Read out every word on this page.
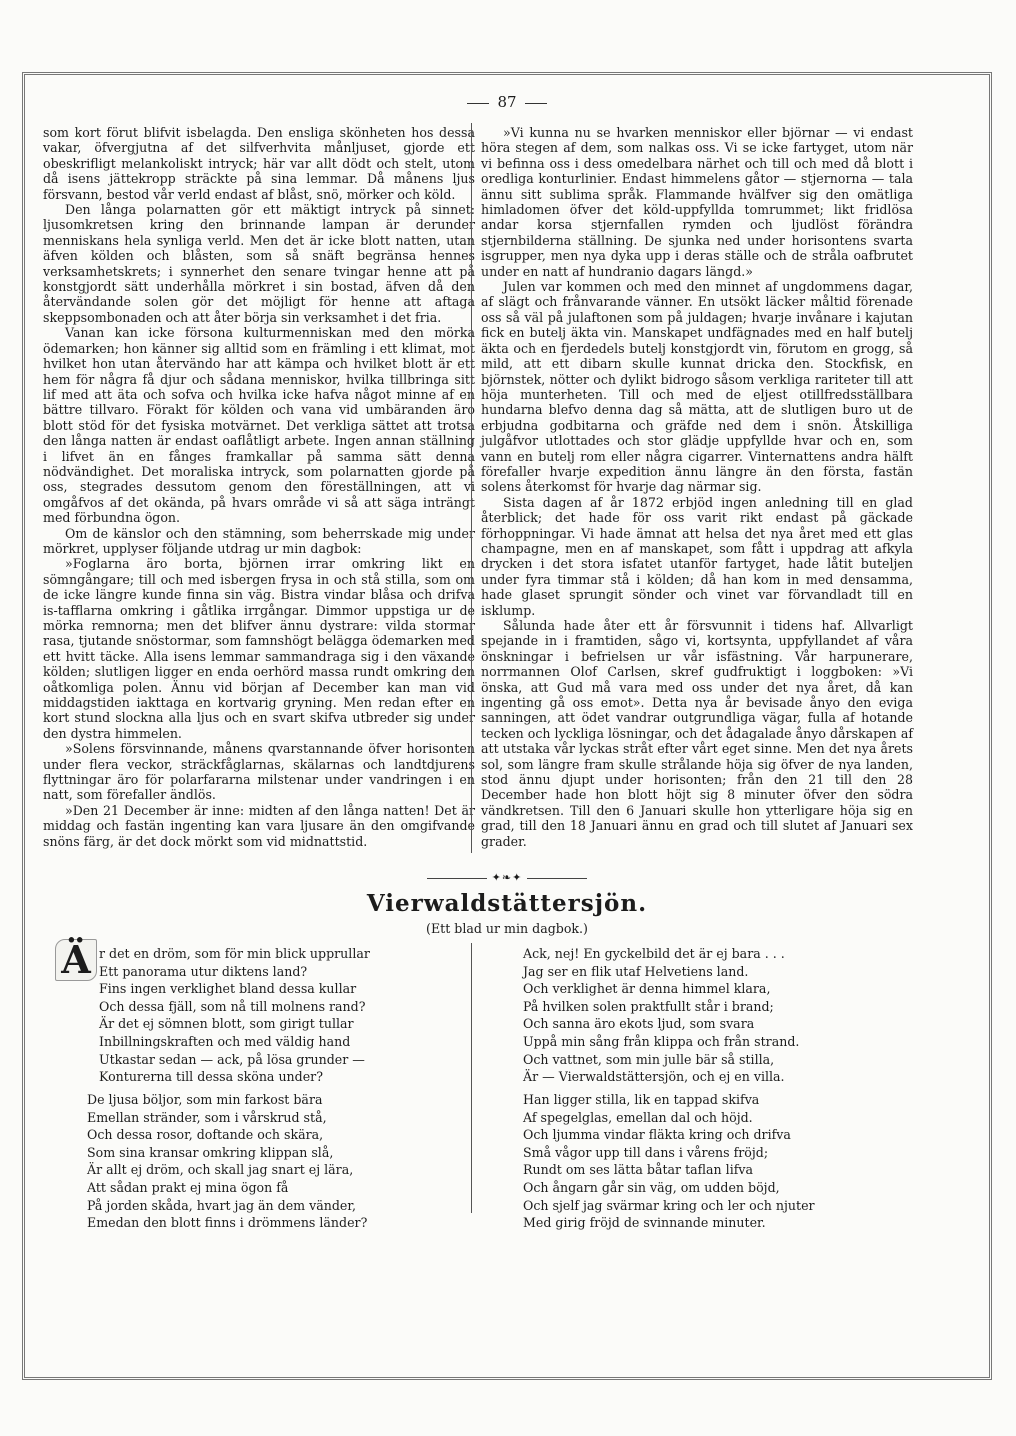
87

som kort förut blifvit isbelagda. Den ensliga skönheten hos dessa vakar, öfvergjutna af det silfverhvita månljuset, gjorde ett obeskrifligt melankoliskt intryck; här var allt dödt och stelt, utom då isens jättekropp sträckte på sina lemmar. Då månens ljus försvann, bestod vår verld endast af blåst, snö, mörker och köld.

Den långa polarnatten gör ett mäktigt intryck på sinnet: ljusomkretsen kring den brinnande lampan är derunder menniskans hela synliga verld. Men det är icke blott natten, utan äfven kölden och blåsten, som så snäft begränsa hennes verksamhetskrets; i synnerhet den senare tvingar henne att på konstgjordt sätt underhålla mörkret i sin bostad, äfven då den återvändande solen gör det möjligt för henne att aftaga skeppsombonaden och att åter börja sin verksamhet i det fria.

Vanan kan icke försona kulturmenniskan med den mörka ödemarken; hon känner sig alltid som en främling i ett klimat, mot hvilket hon utan återvändo har att kämpa och hvilket blott är ett hem för några få djur och sådana menniskor, hvilka tillbringa sitt lif med att äta och sofva och hvilka icke hafva något minne af en bättre tillvaro. Förakt för kölden och vana vid umbäranden äro blott stöd för det fysiska motvärnet. Det verkliga sättet att trotsa den långa natten är endast oaflåtligt arbete. Ingen annan ställning i lifvet än en fånges framkallar på samma sätt denna nödvändighet. Det moraliska intryck, som polarnatten gjorde på oss, stegrades dessutom genom den föreställningen, att vi omgåfvos af det okända, på hvars område vi så att säga inträngt med förbundna ögon.

Om de känslor och den stämning, som beherrskade mig under mörkret, upplyser följande utdrag ur min dagbok:

»Foglarna äro borta, björnen irrar omkring likt en sömngångare; till och med isbergen frysa in och stå stilla, som om de icke längre kunde finna sin väg. Bistra vindar blåsa och drifva is-tafflarna omkring i gåtlika irrgångar. Dimmor uppstiga ur de mörka remnorna; men det blifver ännu dystrare: vilda stormar rasa, tjutande snöstormar, som famnshögt belägga ödemarken med ett hvitt täcke. Alla isens lemmar sammandraga sig i den växande kölden; slutligen ligger en enda oerhörd massa rundt omkring den oåtkomliga polen. Ännu vid början af December kan man vid middagstiden iakttaga en kortvarig gryning. Men redan efter en kort stund slockna alla ljus och en svart skifva utbreder sig under den dystra himmelen.

»Solens försvinnande, månens qvarstannande öfver horisonten under flera veckor, sträckfåglarnas, skälarnas och landtdjurens flyttningar äro för polarfararna milstenar under vandringen i en natt, som förefaller ändlös.

»Den 21 December är inne: midten af den långa natten! Det är middag och fastän ingenting kan vara ljusare än den omgifvande snöns färg, är det dock mörkt som vid midnattstid.

»Vi kunna nu se hvarken menniskor eller björnar — vi endast höra stegen af dem, som nalkas oss. Vi se icke fartyget, utom när vi befinna oss i dess omedelbara närhet och till och med då blott i oredliga konturlinier. Endast himmelens gåtor — stjernorna — tala ännu sitt sublima språk. Flammande hvälfver sig den omätliga himladomen öfver det köld-uppfyllda tomrummet; likt fridlösa andar korsa stjernfallen rymden och ljudlöst förändra stjernbilderna ställning. De sjunka ned under horisontens svarta isgrupper, men nya dyka upp i deras ställe och de stråla oafbrutet under en natt af hundranio dagars längd.»

Julen var kommen och med den minnet af ungdommens dagar, af slägt och frånvarande vänner. En utsökt läcker måltid förenade oss så väl på julaftonen som på juldagen; hvarje invånare i kajutan fick en butelj äkta vin. Manskapet undfägnades med en half butelj äkta och en fjerdedels butelj konstgjordt vin, förutom en grogg, så mild, att ett dibarn skulle kunnat dricka den. Stockfisk, en björnstek, nötter och dylikt bidrogo såsom verkliga rariteter till att höja munterheten. Till och med de eljest otillfredsställbara hundarna blefvo denna dag så mätta, att de slutligen buro ut de erbjudna godbitarna och gräfde ned dem i snön. Åtskilliga julgåfvor utlottades och stor glädje uppfyllde hvar och en, som vann en butelj rom eller några cigarrer. Vinternattens andra hälft förefaller hvarje expedition ännu längre än den första, fastän solens återkomst för hvarje dag närmar sig.

Sista dagen af år 1872 erbjöd ingen anledning till en glad återblick; det hade för oss varit rikt endast på gäckade förhoppningar. Vi hade ämnat att helsa det nya året med ett glas champagne, men en af manskapet, som fått i uppdrag att afkyla drycken i det stora isfatet utanför fartyget, hade låtit buteljen under fyra timmar stå i kölden; då han kom in med densamma, hade glaset sprungit sönder och vinet var förvandladt till en isklump.

Sålunda hade åter ett år försvunnit i tidens haf. Allvarligt spejande in i framtiden, sågo vi, kortsynta, uppfyllandet af våra önskningar i befrielsen ur vår isfästning. Vår harpunerare, norrmannen Olof Carlsen, skref gudfruktigt i loggboken: »Vi önska, att Gud må vara med oss under det nya året, då kan ingenting gå oss emot». Detta nya år bevisade ånyo den eviga sanningen, att ödet vandrar outgrundliga vägar, fulla af hotande tecken och lyckliga lösningar, och det ådagalade ånyo dårskapen af att utstaka vår lyckas stråt efter vårt eget sinne. Men det nya årets sol, som längre fram skulle strålande höja sig öfver de nya landen, stod ännu djupt under horisonten; från den 21 till den 28 December hade hon blott höjt sig 8 minuter öfver den södra vändkretsen. Till den 6 Januari skulle hon ytterligare höja sig en grad, till den 18 Januari ännu en grad och till slutet af Januari sex grader.

✦❧✦
Vierwaldstättersjön.
(Ett blad ur min dagbok.)
Ä r det en dröm, som för min blick upprullar
Ett panorama utur diktens land?
Fins ingen verklighet bland dessa kullar
Och dessa fjäll, som nå till molnens rand?
Är det ej sömnen blott, som girigt tullar
Inbillningskraften och med väldig hand
Utkastar sedan — ack, på lösa grunder —
Konturerna till dessa sköna under?
De ljusa böljor, som min farkost bära
Emellan stränder, som i vårskrud stå,
Och dessa rosor, doftande och skära,
Som sina kransar omkring klippan slå,
Är allt ej dröm, och skall jag snart ej lära,
Att sådan prakt ej mina ögon få
På jorden skåda, hvart jag än dem vänder,
Emedan den blott finns i drömmens länder?
Ack, nej! En gyckelbild det är ej bara . . .
Jag ser en flik utaf Helvetiens land.
Och verklighet är denna himmel klara,
På hvilken solen praktfullt står i brand;
Och sanna äro ekots ljud, som svara
Uppå min sång från klippa och från strand.
Och vattnet, som min julle bär så stilla,
Är — Vierwaldstättersjön, och ej en villa.
Han ligger stilla, lik en tappad skifva
Af spegelglas, emellan dal och höjd.
Och ljumma vindar fläkta kring och drifva
Små vågor upp till dans i vårens fröjd;
Rundt om ses lätta båtar taflan lifva
Och ångarn går sin väg, om udden böjd,
Och sjelf jag svärmar kring och ler och njuter
Med girig fröjd de svinnande minuter.
